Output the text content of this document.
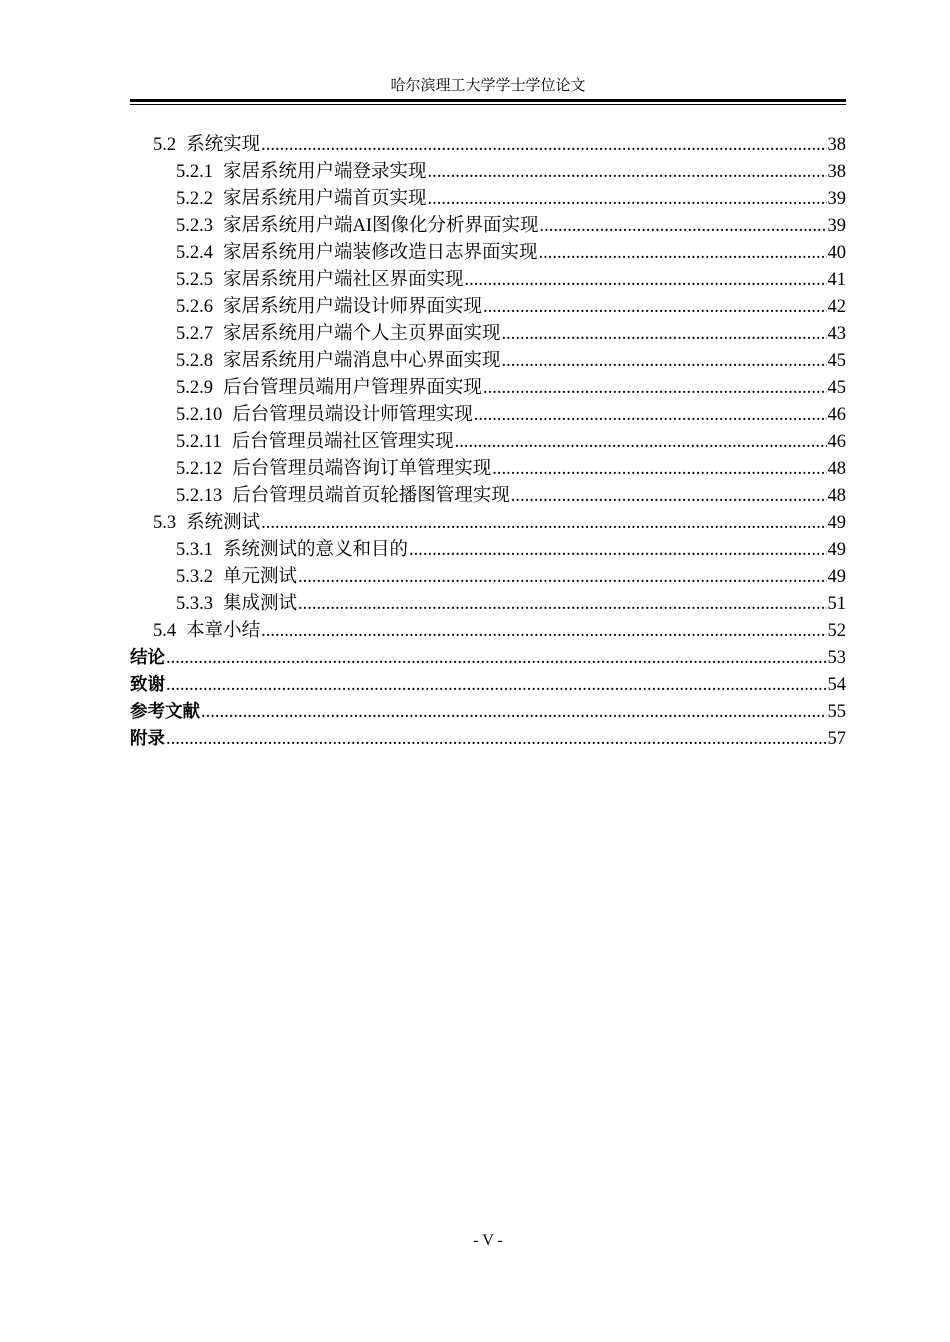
哈尔滨理工大学学士学位论文
5.2 系统实现 .....	38
5.2.1 家居系统用户端登录实现 .....	38
5.2.2 家居系统用户端首页实现 .....	39
5.2.3 家居系统用户端AI图像化分析界面实现 .....	39
5.2.4 家居系统用户端装修改造日志界面实现 .....	40
5.2.5 家居系统用户端社区界面实现 .....	41
5.2.6 家居系统用户端设计师界面实现 .....	42
5.2.7 家居系统用户端个人主页界面实现 .....	43
5.2.8 家居系统用户端消息中心界面实现 .....	45
5.2.9 后台管理员端用户管理界面实现 .....	45
5.2.10 后台管理员端设计师管理实现 .....	46
5.2.11 后台管理员端社区管理实现 .....	46
5.2.12 后台管理员端咨询订单管理实现 .....	48
5.2.13 后台管理员端首页轮播图管理实现 .....	48
5.3 系统测试 .....	49
5.3.1 系统测试的意义和目的 .....	49
5.3.2 单元测试 .....	49
5.3.3 集成测试 .....	51
5.4 本章小结 .....	52
结论 .....	53
致谢 .....	54
参考文献 .....	55
附录 .....	57
- V -
